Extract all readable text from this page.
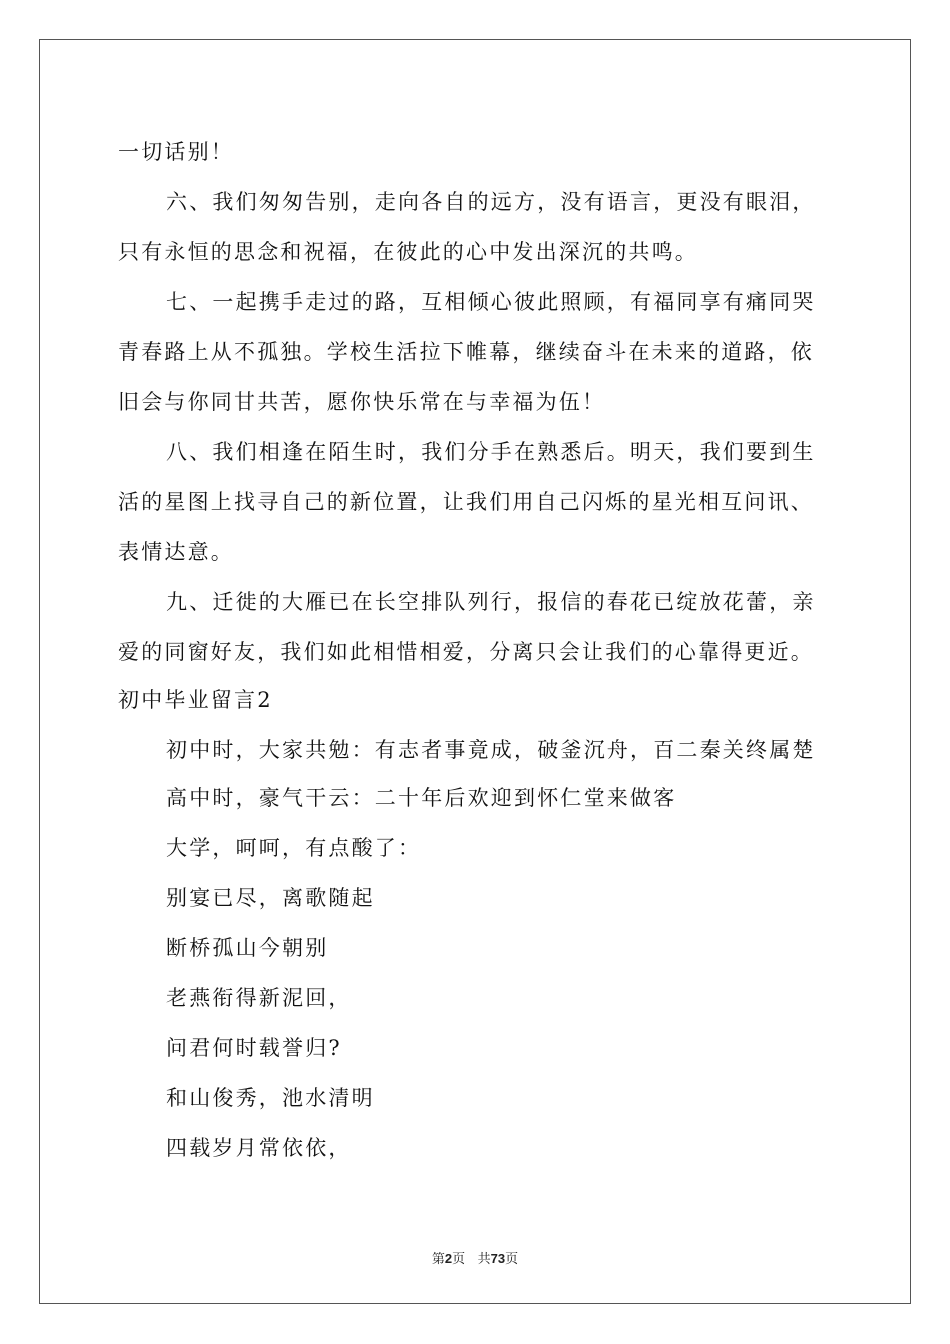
一切话别！
六、我们匆匆告别，走向各自的远方，没有语言，更没有眼泪，
只有永恒的思念和祝福，在彼此的心中发出深沉的共鸣。
七、一起携手走过的路，互相倾心彼此照顾，有福同享有痛同哭
青春路上从不孤独。学校生活拉下帷幕，继续奋斗在未来的道路，依
旧会与你同甘共苦，愿你快乐常在与幸福为伍！
八、我们相逢在陌生时，我们分手在熟悉后。明天，我们要到生
活的星图上找寻自己的新位置，让我们用自己闪烁的星光相互问讯、
表情达意。
九、迁徙的大雁已在长空排队列行，报信的春花已绽放花蕾，亲
爱的同窗好友，我们如此相惜相爱，分离只会让我们的心靠得更近。
初中毕业留言2
初中时，大家共勉：有志者事竟成，破釜沉舟，百二秦关终属楚
高中时，豪气干云：二十年后欢迎到怀仁堂来做客
大学，呵呵，有点酸了：
别宴已尽，离歌随起
断桥孤山今朝别
老燕衔得新泥回，
问君何时载誉归?
和山俊秀，池水清明
四载岁月常依依，
第2页 共73页
